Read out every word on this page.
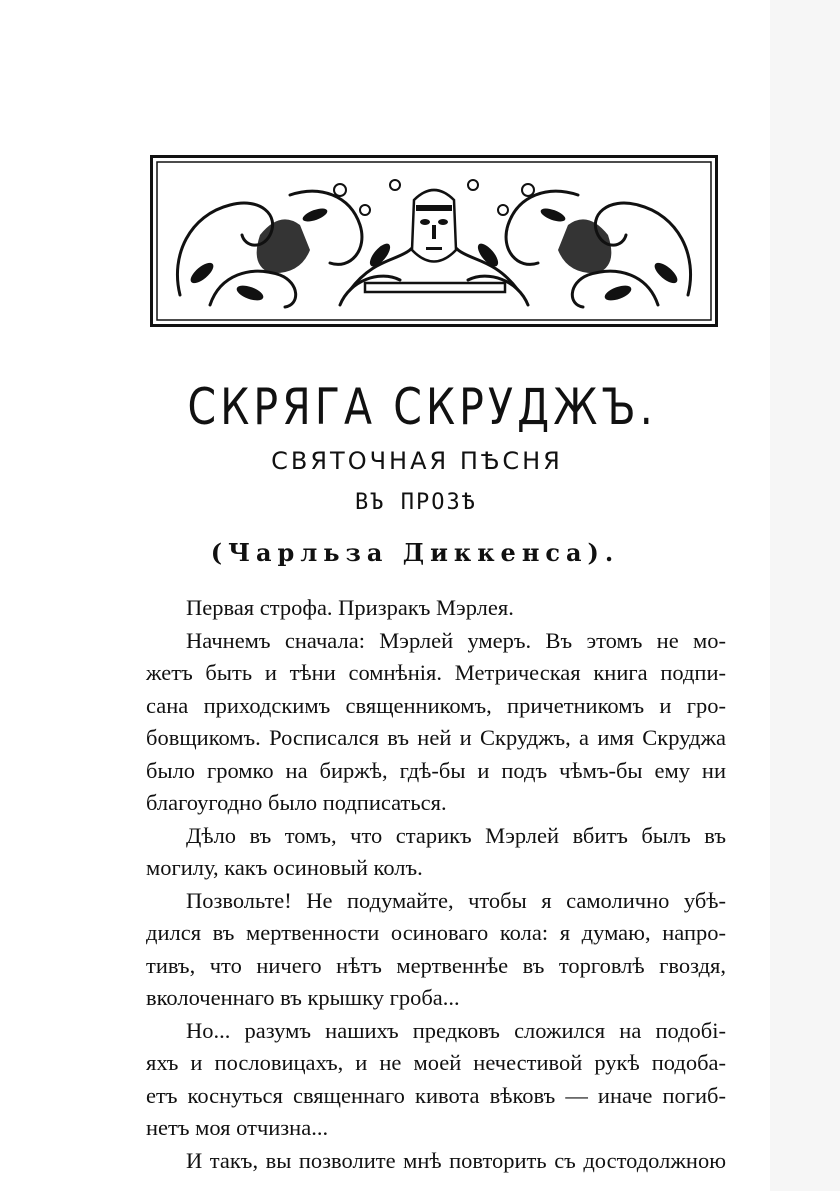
СКРЯГА СКРУДЖЪ.
СВЯТОЧНАЯ ПѢСНЯ
ВЪ ПРОЗѢ
(Чарльза Диккенса).
Первая строфа. Призракъ Мэрлея.
Начнемъ сначала: Мэрлей умеръ. Въ этомъ не мо-
жетъ быть и тѣни сомнѣнія. Метрическая книга подпи-
сана приходскимъ священникомъ, причетникомъ и гро-
бовщикомъ. Росписался въ ней и Скруджъ, а имя Скруджа
было громко на биржѣ, гдѣ-бы и подъ чѣмъ-бы ему ни
благоугодно было подписаться.
Дѣло въ томъ, что старикъ Мэрлей вбитъ былъ въ
могилу, какъ осиновый колъ.
Позвольте! Не подумайте, чтобы я самолично убѣ-
дился въ мертвенности осиноваго кола: я думаю, напро-
тивъ, что ничего нѣтъ мертвеннѣе въ торговлѣ гвоздя,
вколоченнаго въ крышку гроба...
Но... разумъ нашихъ предковъ сложился на подобі-
яхъ и пословицахъ, и не моей нечестивой рукѣ подоба-
етъ коснуться священнаго кивота вѣковъ — иначе погиб-
нетъ моя отчизна...
И такъ, вы позволите мнѣ повторить съ достодолжною
